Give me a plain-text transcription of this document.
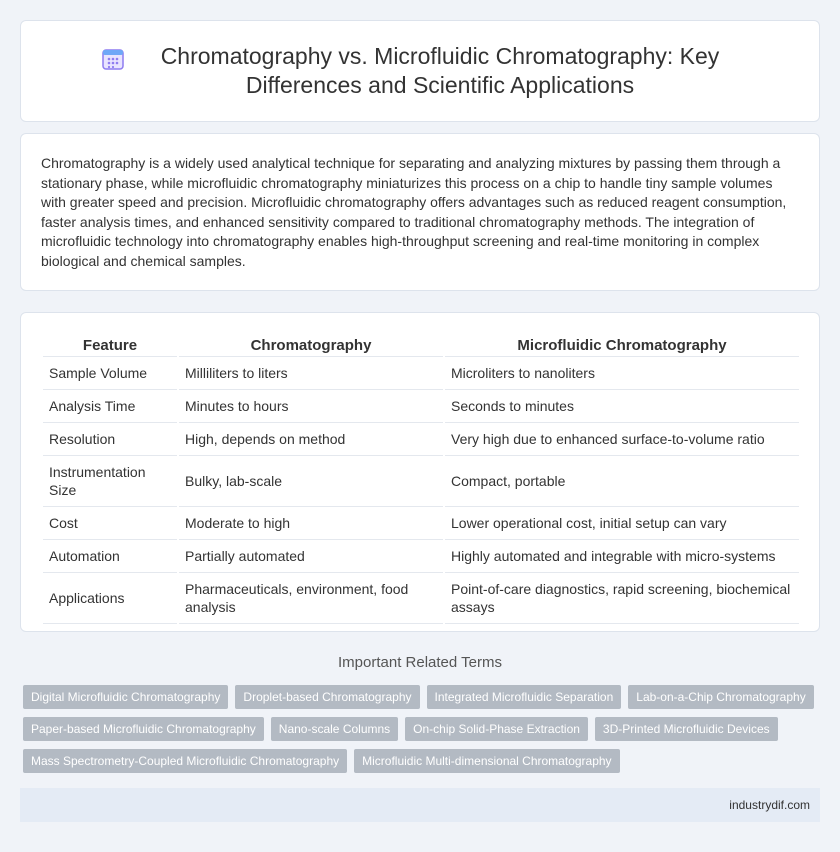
Chromatography vs. Microfluidic Chromatography: Key Differences and Scientific Applications

Chromatography is a widely used analytical technique for separating and analyzing mixtures by passing them through a stationary phase, while microfluidic chromatography miniaturizes this process on a chip to handle tiny sample volumes with greater speed and precision. Microfluidic chromatography offers advantages such as reduced reagent consumption, faster analysis times, and enhanced sensitivity compared to traditional chromatography methods. The integration of microfluidic technology into chromatography enables high-throughput screening and real-time monitoring in complex biological and chemical samples.

Feature	Chromatography	Microfluidic Chromatography
Sample Volume	Milliliters to liters	Microliters to nanoliters
Analysis Time	Minutes to hours	Seconds to minutes
Resolution	High, depends on method	Very high due to enhanced surface-to-volume ratio
Instrumentation Size	Bulky, lab-scale	Compact, portable
Cost	Moderate to high	Lower operational cost, initial setup can vary
Automation	Partially automated	Highly automated and integrable with micro-systems
Applications	Pharmaceuticals, environment, food analysis	Point-of-care diagnostics, rapid screening, biochemical assays
Important Related Terms
Digital Microfluidic Chromatography	Droplet-based Chromatography	Integrated Microfluidic Separation	Lab-on-a-Chip Chromatography
Paper-based Microfluidic Chromatography	Nano-scale Columns	On-chip Solid-Phase Extraction	3D-Printed Microfluidic Devices
Mass Spectrometry-Coupled Microfluidic Chromatography	Microfluidic Multi-dimensional Chromatography
industrydif.com
